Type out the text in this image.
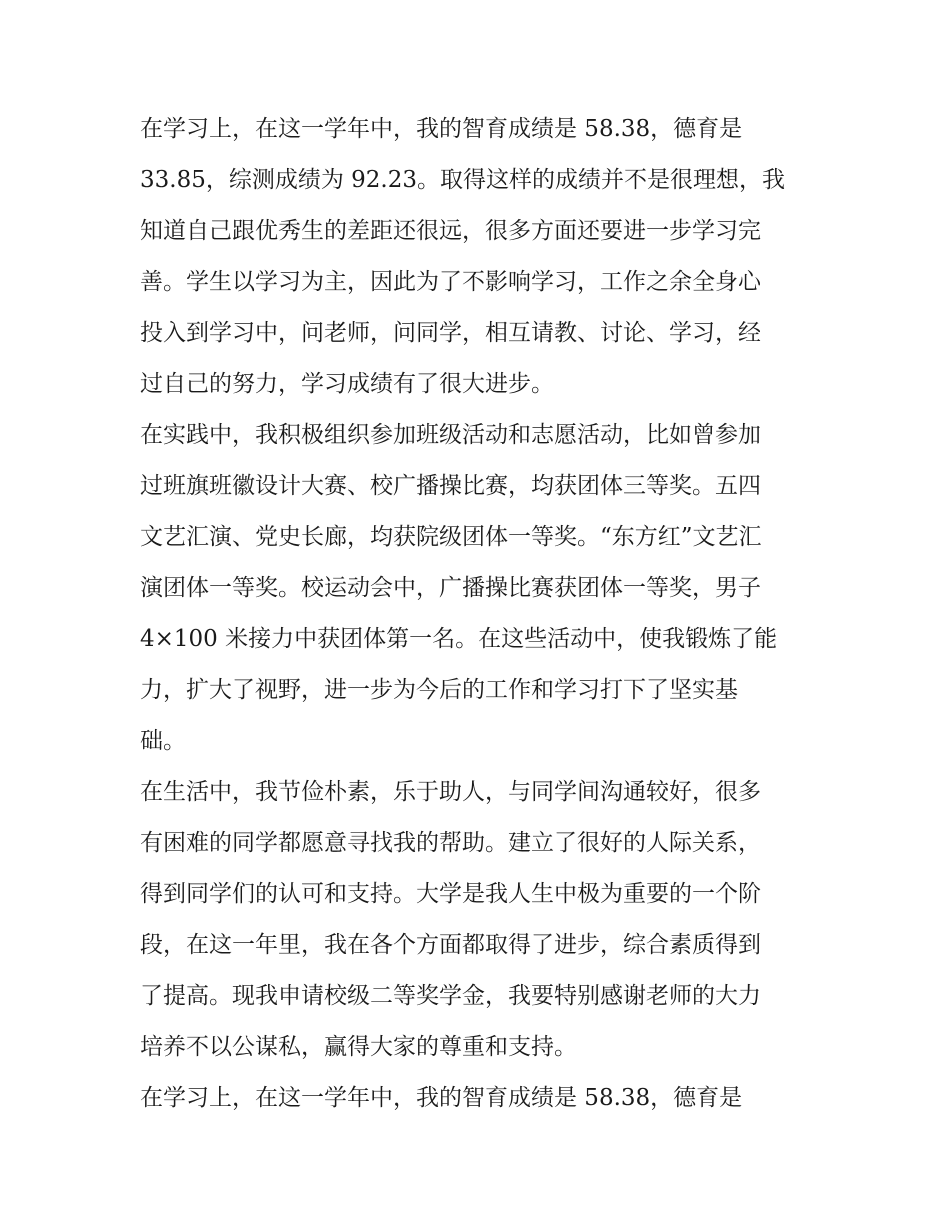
在学习上，在这一学年中，我的智育成绩是 58.38，德育是
33.85，综测成绩为 92.23。取得这样的成绩并不是很理想，我
知道自己跟优秀生的差距还很远，很多方面还要进一步学习完
善。学生以学习为主，因此为了不影响学习，工作之余全身心
投入到学习中，问老师，问同学，相互请教、讨论、学习，经
过自己的努力，学习成绩有了很大进步。

在实践中，我积极组织参加班级活动和志愿活动，比如曾参加
过班旗班徽设计大赛、校广播操比赛，均获团体三等奖。五四
文艺汇演、党史长廊，均获院级团体一等奖。“东方红”文艺汇
演团体一等奖。校运动会中，广播操比赛获团体一等奖，男子
4×100 米接力中获团体第一名。在这些活动中，使我锻炼了能
力，扩大了视野，进一步为今后的工作和学习打下了坚实基
础。

在生活中，我节俭朴素，乐于助人，与同学间沟通较好，很多
有困难的同学都愿意寻找我的帮助。建立了很好的人际关系，
得到同学们的认可和支持。大学是我人生中极为重要的一个阶
段，在这一年里，我在各个方面都取得了进步，综合素质得到
了提高。现我申请校级二等奖学金，我要特别感谢老师的大力
培养不以公谋私，赢得大家的尊重和支持。

在学习上，在这一学年中，我的智育成绩是 58.38，德育是
